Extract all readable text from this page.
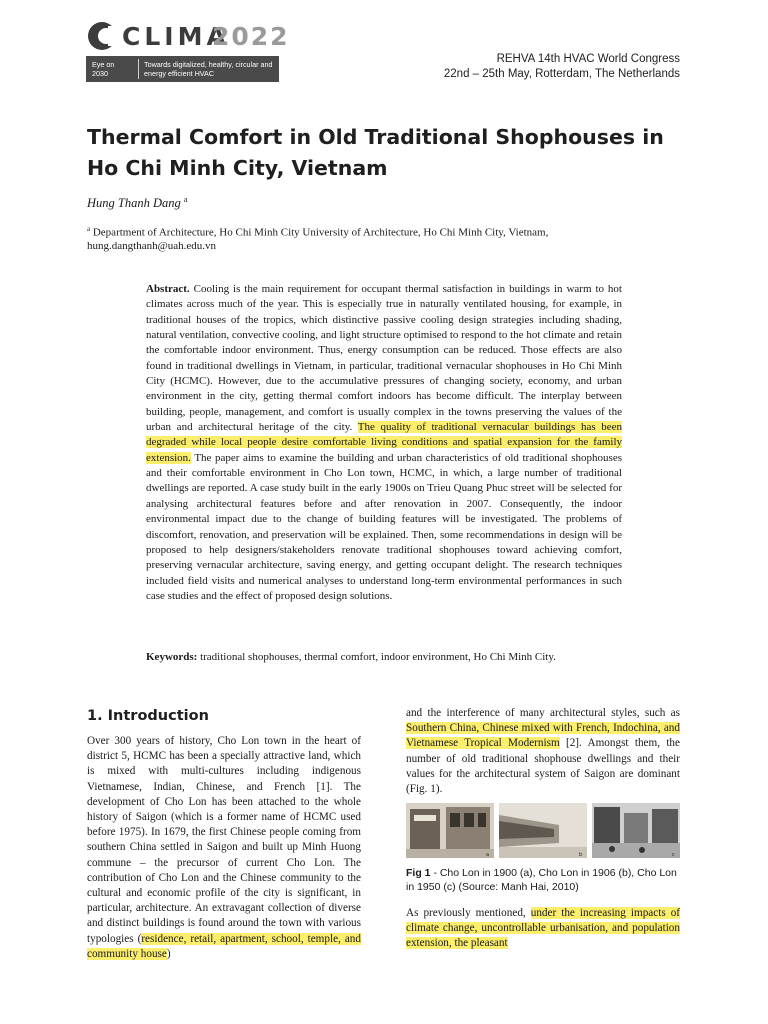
CLIMA
2022
Eye on 2030
Towards digitalized, healthy, circular and energy efficient HVAC
REHVA 14th HVAC World Congress
22nd – 25th May, Rotterdam, The Netherlands
Thermal Comfort in Old Traditional Shophouses in Ho Chi Minh City, Vietnam
Hung Thanh Dang $^a$
$^a$ Department of Architecture, Ho Chi Minh City University of Architecture, Ho Chi Minh City, Vietnam,
hung.dangthanh@uah.edu.vn
Abstract. Cooling is the main requirement for occupant thermal satisfaction in buildings in warm to hot climates across much of the year. This is especially true in naturally ventilated housing, for example, in traditional houses of the tropics, which distinctive passive cooling design strategies including shading, natural ventilation, convective cooling, and light structure optimised to respond to the hot climate and retain the comfortable indoor environment. Thus, energy consumption can be reduced. Those effects are also found in traditional dwellings in Vietnam, in particular, traditional vernacular shophouses in Ho Chi Minh City (HCMC). However, due to the accumulative pressures of changing society, economy, and urban environment in the city, getting thermal comfort indoors has become difficult. The interplay between building, people, management, and comfort is usually complex in the towns preserving the values of the urban and architectural heritage of the city. The quality of traditional vernacular buildings has been degraded while local people desire comfortable living conditions and spatial expansion for the family extension. The paper aims to examine the building and urban characteristics of old traditional shophouses and their comfortable environment in Cho Lon town, HCMC, in which, a large number of traditional dwellings are reported. A case study built in the early 1900s on Trieu Quang Phuc street will be selected for analysing architectural features before and after renovation in 2007. Consequently, the indoor environmental impact due to the change of building features will be investigated. The problems of discomfort, renovation, and preservation will be explained. Then, some recommendations in design will be proposed to help designers/stakeholders renovate traditional shophouses toward achieving comfort, preserving vernacular architecture, saving energy, and getting occupant delight. The research techniques included field visits and numerical analyses to understand long-term environmental performances in such case studies and the effect of proposed design solutions.
Keywords: traditional shophouses, thermal comfort, indoor environment, Ho Chi Minh City.
1. Introduction
Over 300 years of history, Cho Lon town in the heart of district 5, HCMC has been a specially attractive land, which is mixed with multi-cultures including indigenous Vietnamese, Indian, Chinese, and French [1]. The development of Cho Lon has been attached to the whole history of Saigon (which is a former name of HCMC used before 1975). In 1679, the first Chinese people coming from southern China settled in Saigon and built up Minh Huong commune – the precursor of current Cho Lon. The contribution of Cho Lon and the Chinese community to the cultural and economic profile of the city is significant, in particular, architecture. An extravagant collection of diverse and distinct buildings is found around the town with various typologies (residence, retail, apartment, school, temple, and community house)
and the interference of many architectural styles, such as Southern China, Chinese mixed with French, Indochina, and Vietnamese Tropical Modernism [2]. Amongst them, the number of old traditional shophouse dwellings and their values for the architectural system of Saigon are dominant (Fig. 1).
a	b	c
Fig 1 - Cho Lon in 1900 (a), Cho Lon in 1906 (b), Cho Lon in 1950 (c) (Source: Manh Hai, 2010)
As previously mentioned, under the increasing impacts of climate change, uncontrollable urbanisation, and population extension, the pleasant
